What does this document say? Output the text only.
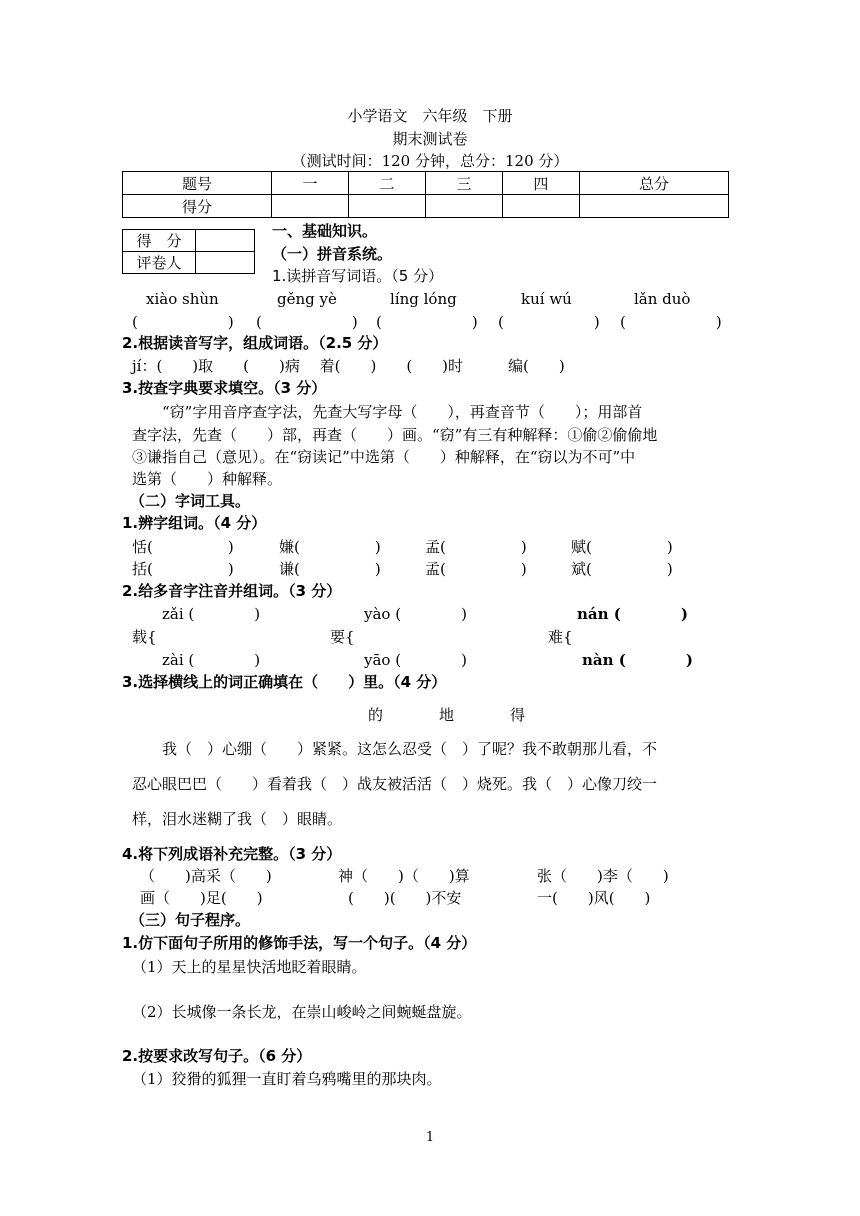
小学语文　六年级　下册
期末测试卷
（测试时间：120 分钟，总分：120 分）
题号	一	二	三	四	总分
得分					
得　分	
评卷人	
一、基础知识。
（一）拼音系统。
1.读拼音写词语。（5 分）
xiào shùn	gěng yè	líng lóng	kuí wú	lǎn duò
(　　　　　　) (　　　　　　) (　　　　　　) (　　　　　　) (　　　　　　)
2.根据读音写字，组成词语。（2.5 分）
jí：(　　)取　　(　　)病　 着(　　)　　(　　)时　　　编(　　)
3.按查字典要求填空。（3 分）
　　“窃”字用音序查字法，先查大写字母（　　），再查音节（　　）；用部首
查字法，先查（　　）部，再查（　　）画。“窃”有三有种解释：①偷②偷偷地
③谦指自己（意见）。在“窃读记”中选第（　　）种解释，在“窃以为不可”中
选第（　　）种解释。
（二）字词工具。
1.辨字组词。（4 分）
恬(　　　　　)	嫌(　　　　　)	孟(　　　　　)	赋(　　　　　)
括(　　　　　)	谦(　　　　　)	孟(　　　　　)	斌(　　　　　)
2.给多音字注音并组词。（3 分）
zǎi (　　　　)	yào (　　　　)	nán (　　　　)
载{	要{	难{
zài (　　　　)	yāo (　　　　)	nàn (　　　　)
3.选择横线上的词正确填在（　　）里。（4 分）
的	地	得
　　我（　）心绷（　　）紧紧。这怎么忍受（　）了呢？我不敢朝那儿看，不
忍心眼巴巴（　　）看着我（　）战友被活活（　）烧死。我（　）心像刀绞一
样，泪水迷糊了我（　）眼睛。
4.将下列成语补充完整。（3 分）
（　　)高采（　　)	神（　　)（　　)算	张（　　)李（　　)
画（　　)足(　　)	(　　)(　　)不安	一(　　)风(　　)
（三）句子程序。
1.仿下面句子所用的修饰手法，写一个句子。（4 分）
（1）天上的星星快活地眨着眼睛。
（2）长城像一条长龙，在崇山峻岭之间蜿蜒盘旋。
2.按要求改写句子。（6 分）
（1）狡猾的狐狸一直盯着乌鸦嘴里的那块肉。
1
